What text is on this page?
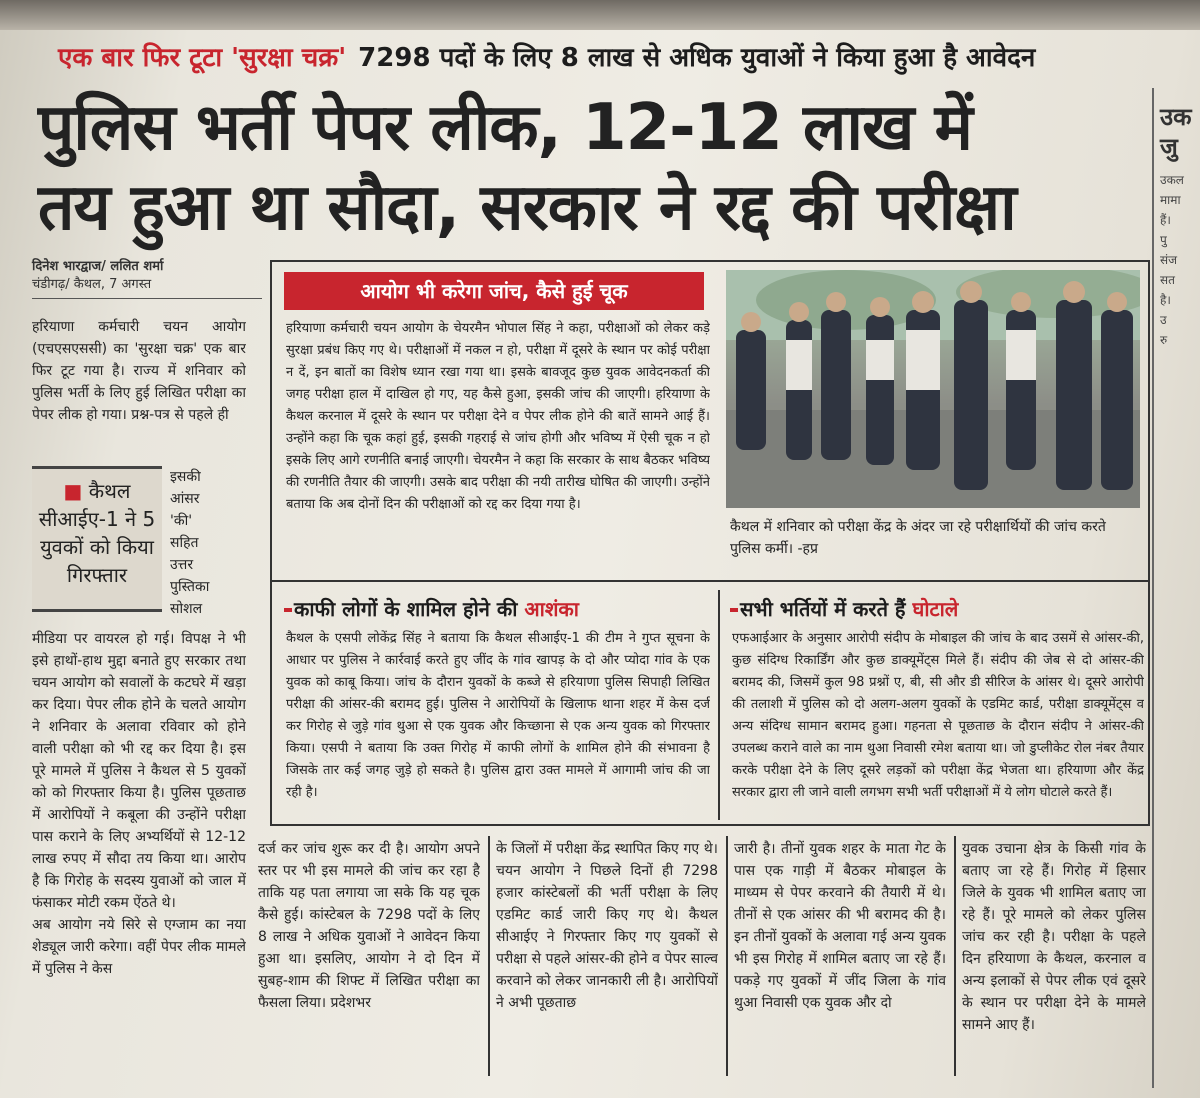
एक बार फिर टूटा 'सुरक्षा चक्र' 7298 पदों के लिए 8 लाख से अधिक युवाओं ने किया हुआ है आवेदन
पुलिस भर्ती पेपर लीक, 12-12 लाख में
तय हुआ था सौदा, सरकार ने रद्द की परीक्षा
उक
जु
उकल
मामा
हैं।
पु
संज
सत
है।
उ
रु
दिनेश भारद्वाज/ ललित शर्मा
चंडीगढ़/ कैथल, 7 अगस्त

हरियाणा कर्मचारी चयन आयोग (एचएसएससी) का 'सुरक्षा चक्र' एक बार फिर टूट गया है। राज्य में शनिवार को पुलिस भर्ती के लिए हुई लिखित परीक्षा का पेपर लीक हो गया। प्रश्न-पत्र से पहले ही

■ कैथल सीआईए-1 ने 5 युवकों को किया गिरफ्तार
इसकी
आंसर
'की'
सहित
उत्तर
पुस्तिका
सोशल

मीडिया पर वायरल हो गई। विपक्ष ने भी इसे हाथों-हाथ मुद्दा बनाते हुए सरकार तथा चयन आयोग को सवालों के कटघरे में खड़ा कर दिया। पेपर लीक होने के चलते आयोग ने शनिवार के अलावा रविवार को होने वाली परीक्षा को भी रद्द कर दिया है। इस पूरे मामले में पुलिस ने कैथल से 5 युवकों को को गिरफ्तार किया है। पुलिस पूछताछ में आरोपियों ने कबूला की उन्होंने परीक्षा पास कराने के लिए अभ्यर्थियों से 12-12 लाख रुपए में सौदा तय किया था। आरोप है कि गिरोह के सदस्य युवाओं को जाल में फंसाकर मोटी रकम ऐंठते थे।

अब आयोग नये सिरे से एग्जाम का नया शेड्यूल जारी करेगा। वहीं पेपर लीक मामले में पुलिस ने केस

आयोग भी करेगा जांच, कैसे हुई चूक

हरियाणा कर्मचारी चयन आयोग के चेयरमैन भोपाल सिंह ने कहा, परीक्षाओं को लेकर कड़े सुरक्षा प्रबंध किए गए थे। परीक्षाओं में नकल न हो, परीक्षा में दूसरे के स्थान पर कोई परीक्षा न दें, इन बातों का विशेष ध्यान रखा गया था। इसके बावजूद कुछ युवक आवेदनकर्ता की जगह परीक्षा हाल में दाखिल हो गए, यह कैसे हुआ, इसकी जांच की जाएगी। हरियाणा के कैथल करनाल में दूसरे के स्थान पर परीक्षा देने व पेपर लीक होने की बातें सामने आई हैं। उन्होंने कहा कि चूक कहां हुई, इसकी गहराई से जांच होगी और भविष्य में ऐसी चूक न हो इसके लिए आगे रणनीति बनाई जाएगी। चेयरमैन ने कहा कि सरकार के साथ बैठकर भविष्य की रणनीति तैयार की जाएगी। उसके बाद परीक्षा की नयी तारीख घोषित की जाएगी। उन्होंने बताया कि अब दोनों दिन की परीक्षाओं को रद्द कर दिया गया है।

कैथल में शनिवार को परीक्षा केंद्र के अंदर जा रहे परीक्षार्थियों की जांच करते पुलिस कर्मी। -हप्र
काफी लोगों के शामिल होने की आशंका

कैथल के एसपी लोकेंद्र सिंह ने बताया कि कैथल सीआईए-1 की टीम ने गुप्त सूचना के आधार पर पुलिस ने कार्रवाई करते हुए जींद के गांव खापड़ के दो और प्योदा गांव के एक युवक को काबू किया। जांच के दौरान युवकों के कब्जे से हरियाणा पुलिस सिपाही लिखित परीक्षा की आंसर-की बरामद हुई। पुलिस ने आरोपियों के खिलाफ थाना शहर में केस दर्ज कर गिरोह से जुड़े गांव थुआ से एक युवक और किच्छाना से एक अन्य युवक को गिरफ्तार किया। एसपी ने बताया कि उक्त गिरोह में काफी लोगों के शामिल होने की संभावना है जिसके तार कई जगह जुड़े हो सकते है। पुलिस द्वारा उक्त मामले में आगामी जांच की जा रही है।

सभी भर्तियों में करते हैं घोटाले

एफआईआर के अनुसार आरोपी संदीप के मोबाइल की जांच के बाद उसमें से आंसर-की, कुछ संदिग्ध रिकार्डिंग और कुछ डाक्यूमेंट्स मिले हैं। संदीप की जेब से दो आंसर-की बरामद की, जिसमें कुल 98 प्रश्नों ए, बी, सी और डी सीरिज के आंसर थे। दूसरे आरोपी की तलाशी में पुलिस को दो अलग-अलग युवकों के एडमिट कार्ड, परीक्षा डाक्यूमेंट्स व अन्य संदिग्ध सामान बरामद हुआ। गहनता से पूछताछ के दौरान संदीप ने आंसर-की उपलब्ध कराने वाले का नाम थुआ निवासी रमेश बताया था। जो डुप्लीकेट रोल नंबर तैयार करके परीक्षा देने के लिए दूसरे लड़कों को परीक्षा केंद्र भेजता था। हरियाणा और केंद्र सरकार द्वारा ली जाने वाली लगभग सभी भर्ती परीक्षाओं में ये लोग घोटाले करते हैं।

दर्ज कर जांच शुरू कर दी है। आयोग अपने स्तर पर भी इस मामले की जांच कर रहा है ताकि यह पता लगाया जा सके कि यह चूक कैसे हुई। कांस्टेबल के 7298 पदों के लिए 8 लाख ने अधिक युवाओं ने आवेदन किया हुआ था। इसलिए, आयोग ने दो दिन में सुबह-शाम की शिफ्ट में लिखित परीक्षा का फैसला लिया। प्रदेशभर

के जिलों में परीक्षा केंद्र स्थापित किए गए थे। चयन आयोग ने पिछले दिनों ही 7298 हजार कांस्टेबलों की भर्ती परीक्षा के लिए एडमिट कार्ड जारी किए गए थे। कैथल सीआईए ने गिरफ्तार किए गए युवकों से परीक्षा से पहले आंसर-की होने व पेपर साल्व करवाने को लेकर जानकारी ली है। आरोपियों ने अभी पूछताछ

जारी है। तीनों युवक शहर के माता गेट के पास एक गाड़ी में बैठकर मोबाइल के माध्यम से पेपर करवाने की तैयारी में थे। तीनों से एक आंसर की भी बरामद की है। इन तीनों युवकों के अलावा गई अन्य युवक भी इस गिरोह में शामिल बताए जा रहे हैं। पकड़े गए युवकों में जींद जिला के गांव थुआ निवासी एक युवक और दो

युवक उचाना क्षेत्र के किसी गांव के बताए जा रहे हैं। गिरोह में हिसार जिले के युवक भी शामिल बताए जा रहे हैं। पूरे मामले को लेकर पुलिस जांच कर रही है। परीक्षा के पहले दिन हरियाणा के कैथल, करनाल व अन्य इलाकों से पेपर लीक एवं दूसरे के स्थान पर परीक्षा देने के मामले सामने आए हैं।
